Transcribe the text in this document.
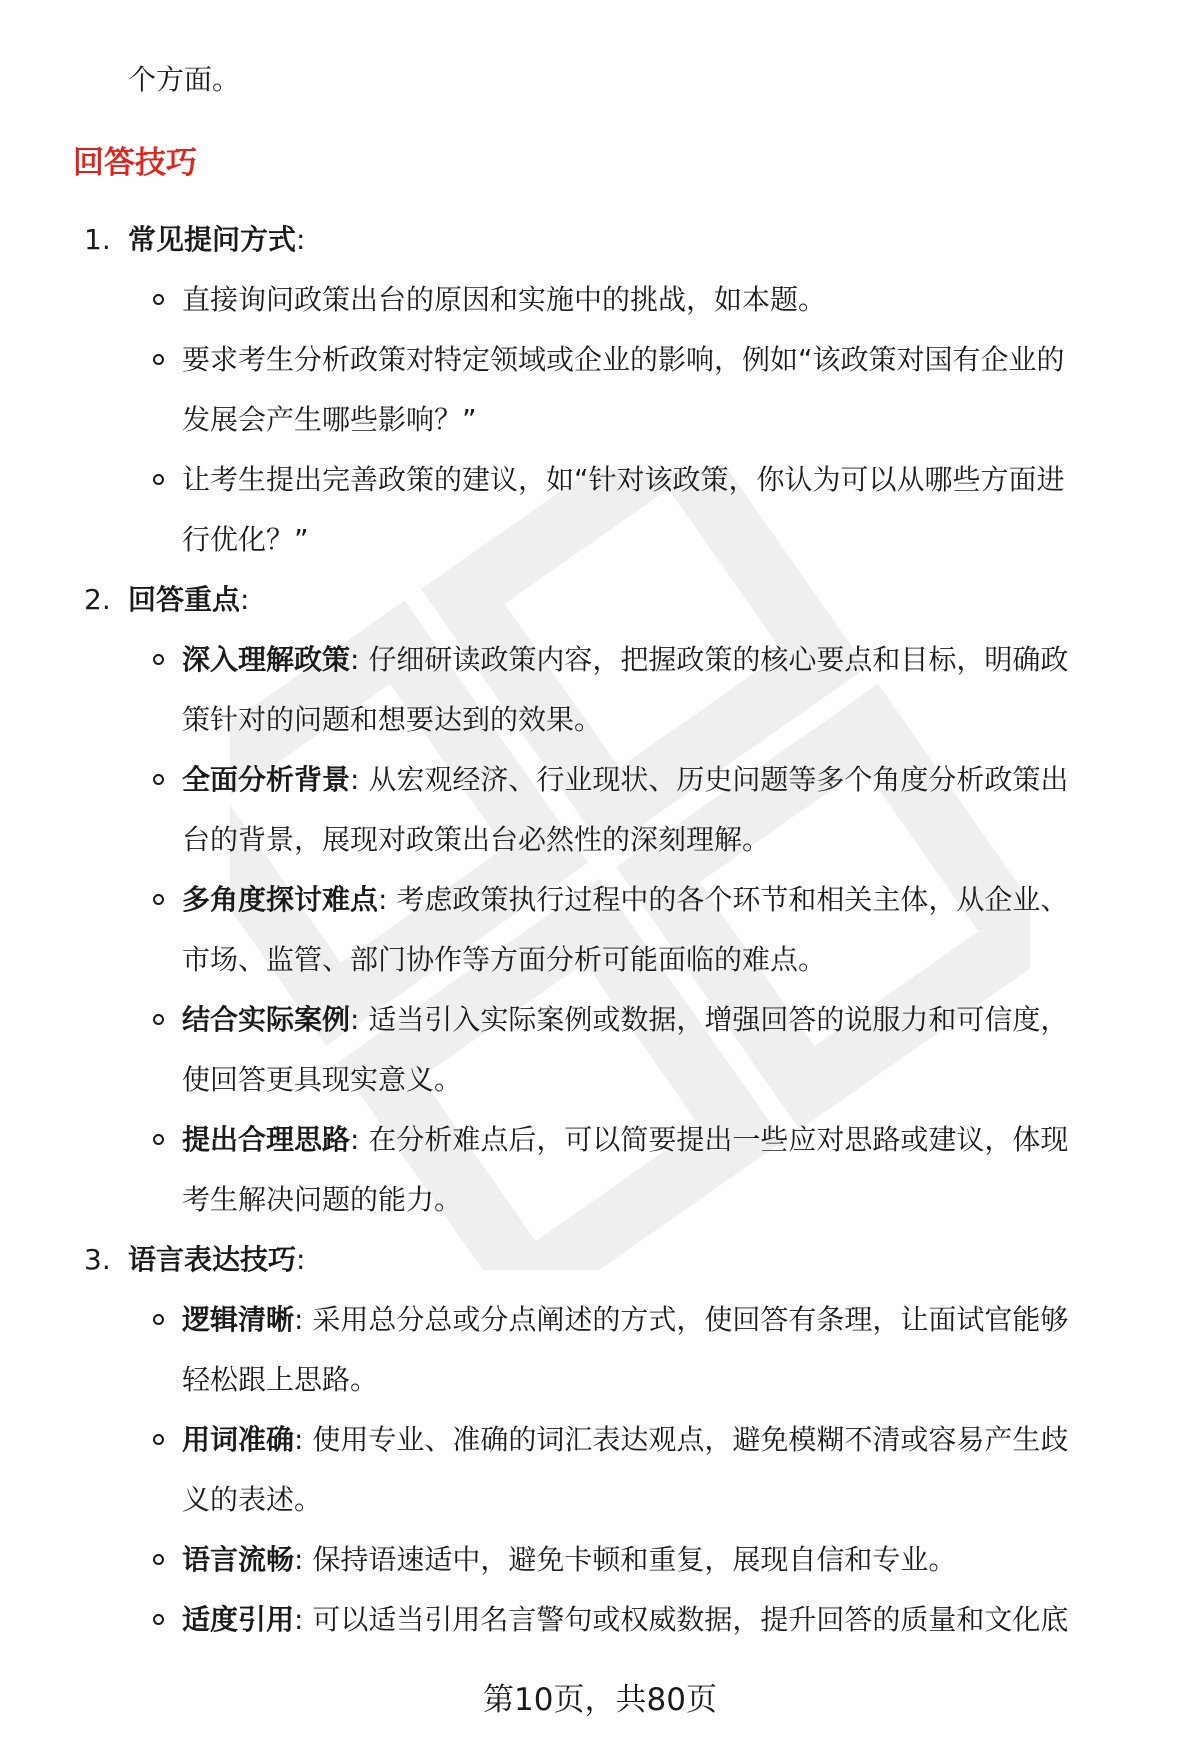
个方面。
回答技巧
1. 常见提问方式:
直接询问政策出台的原因和实施中的挑战，如本题。
要求考生分析政策对特定领域或企业的影响，例如“该政策对国有企业的
发展会产生哪些影响？”
让考生提出完善政策的建议，如“针对该政策，你认为可以从哪些方面进
行优化？”
2. 回答重点:
深入理解政策: 仔细研读政策内容，把握政策的核心要点和目标，明确政
策针对的问题和想要达到的效果。
全面分析背景: 从宏观经济、行业现状、历史问题等多个角度分析政策出
台的背景，展现对政策出台必然性的深刻理解。
多角度探讨难点: 考虑政策执行过程中的各个环节和相关主体，从企业、
市场、监管、部门协作等方面分析可能面临的难点。
结合实际案例: 适当引入实际案例或数据，增强回答的说服力和可信度，
使回答更具现实意义。
提出合理思路: 在分析难点后，可以简要提出一些应对思路或建议，体现
考生解决问题的能力。
3. 语言表达技巧:
逻辑清晰: 采用总分总或分点阐述的方式，使回答有条理，让面试官能够
轻松跟上思路。
用词准确: 使用专业、准确的词汇表达观点，避免模糊不清或容易产生歧
义的表述。
语言流畅: 保持语速适中，避免卡顿和重复，展现自信和专业。
适度引用: 可以适当引用名言警句或权威数据，提升回答的质量和文化底
第10页，共80页
